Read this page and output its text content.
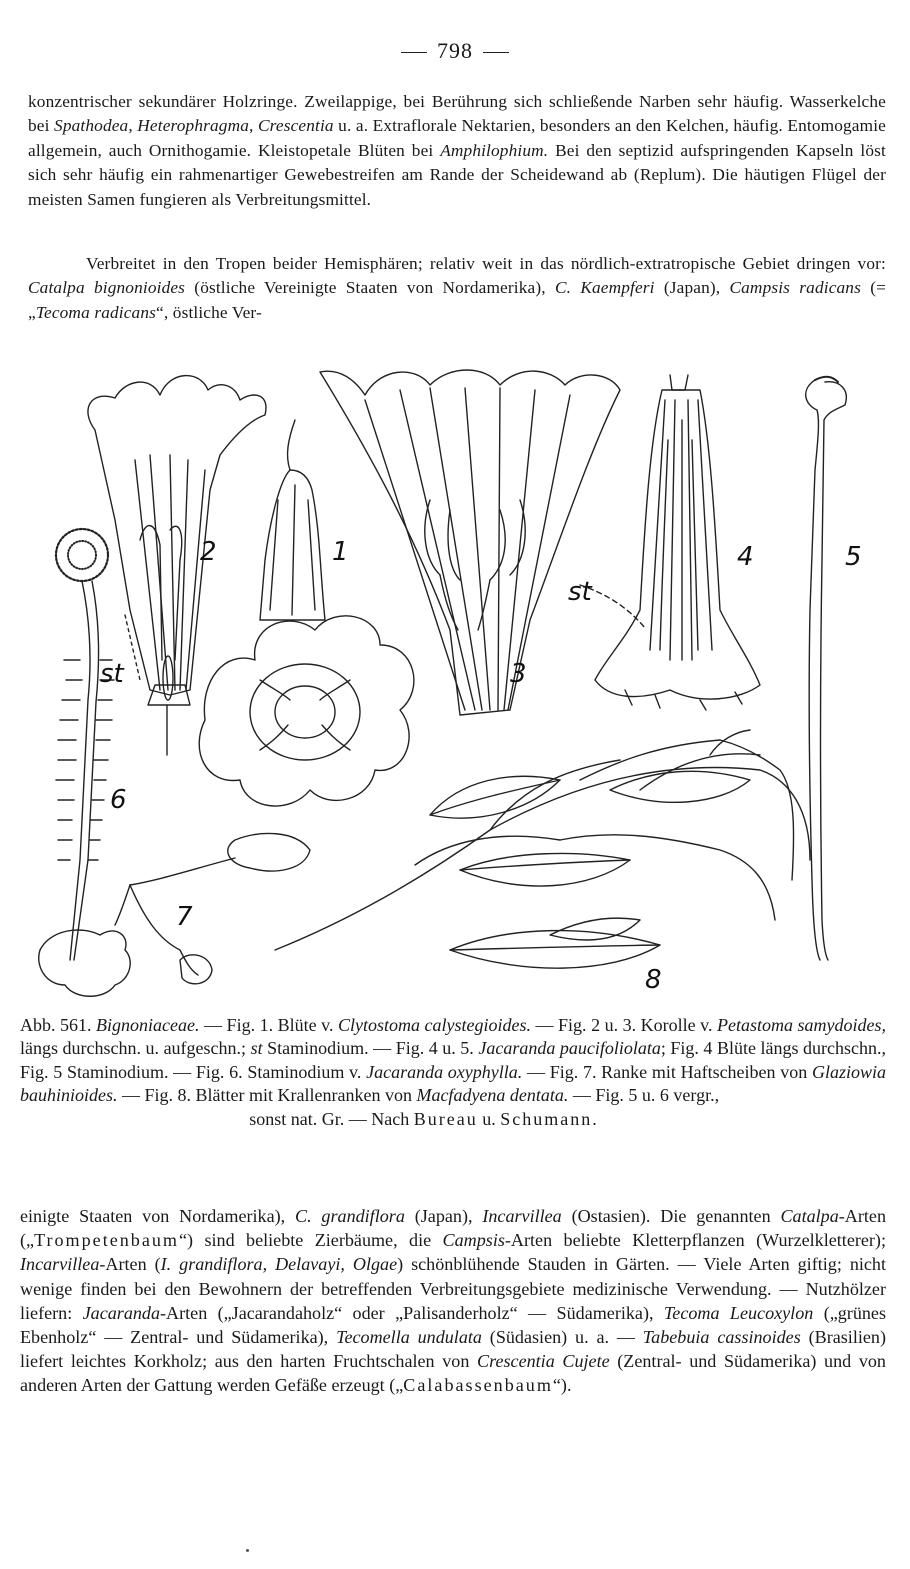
798

konzentrischer sekundärer Holzringe. Zweilappige, bei Berührung sich schließende Narben sehr häufig. Wasserkelche bei Spathodea, Heterophragma, Crescentia u. a. Extraflorale Nektarien, besonders an den Kelchen, häufig. Entomogamie allgemein, auch Ornithogamie. Kleistopetale Blüten bei Amphilophium. Bei den septizid aufspringenden Kapseln löst sich sehr häufig ein rahmenartiger Gewebestreifen am Rande der Scheidewand ab (Replum). Die häutigen Flügel der meisten Samen fungieren als Verbreitungsmittel.

Verbreitet in den Tropen beider Hemisphären; relativ weit in das nördlich-extratropische Gebiet dringen vor: Catalpa bignonioides (östliche Vereinigte Staaten von Nordamerika), C. Kaempferi (Japan), Campsis radicans (= „Tecoma radicans“, östliche Ver-

2	1
3
4	5
6
7
8
st
st

Abb. 561. Bignoniaceae. — Fig. 1. Blüte v. Clytostoma calystegioides. — Fig. 2 u. 3. Korolle v. Petastoma samydoides, längs durchschn. u. aufgeschn.; st Staminodium. — Fig. 4 u. 5. Jacaranda paucifoliolata; Fig. 4 Blüte längs durchschn., Fig. 5 Staminodium. — Fig. 6. Staminodium v. Jacaranda oxyphylla. — Fig. 7. Ranke mit Haftscheiben von Glaziowia bauhinioides. — Fig. 8. Blätter mit Krallenranken von Macfadyena dentata. — Fig. 5 u. 6 vergr.,
sonst nat. Gr. — Nach Bureau u. Schumann.

einigte Staaten von Nordamerika), C. grandiflora (Japan), Incarvillea (Ostasien). Die genannten Catalpa-Arten („Trompetenbaum“) sind beliebte Zierbäume, die Campsis-Arten beliebte Kletterpflanzen (Wurzelkletterer); Incarvillea-Arten (I. grandiflora, Delavayi, Olgae) schönblühende Stauden in Gärten. — Viele Arten giftig; nicht wenige finden bei den Bewohnern der betreffenden Verbreitungsgebiete medizinische Verwendung. — Nutzhölzer liefern: Jacaranda-Arten („Jacarandaholz“ oder „Palisanderholz“ — Südamerika), Tecoma Leucoxylon („grünes Ebenholz“ — Zentral- und Südamerika), Tecomella undulata (Südasien) u. a. — Tabebuia cassinoides (Brasilien) liefert leichtes Korkholz; aus den harten Fruchtschalen von Crescentia Cujete (Zentral- und Südamerika) und von anderen Arten der Gattung werden Gefäße erzeugt („Calabassenbaum“).
